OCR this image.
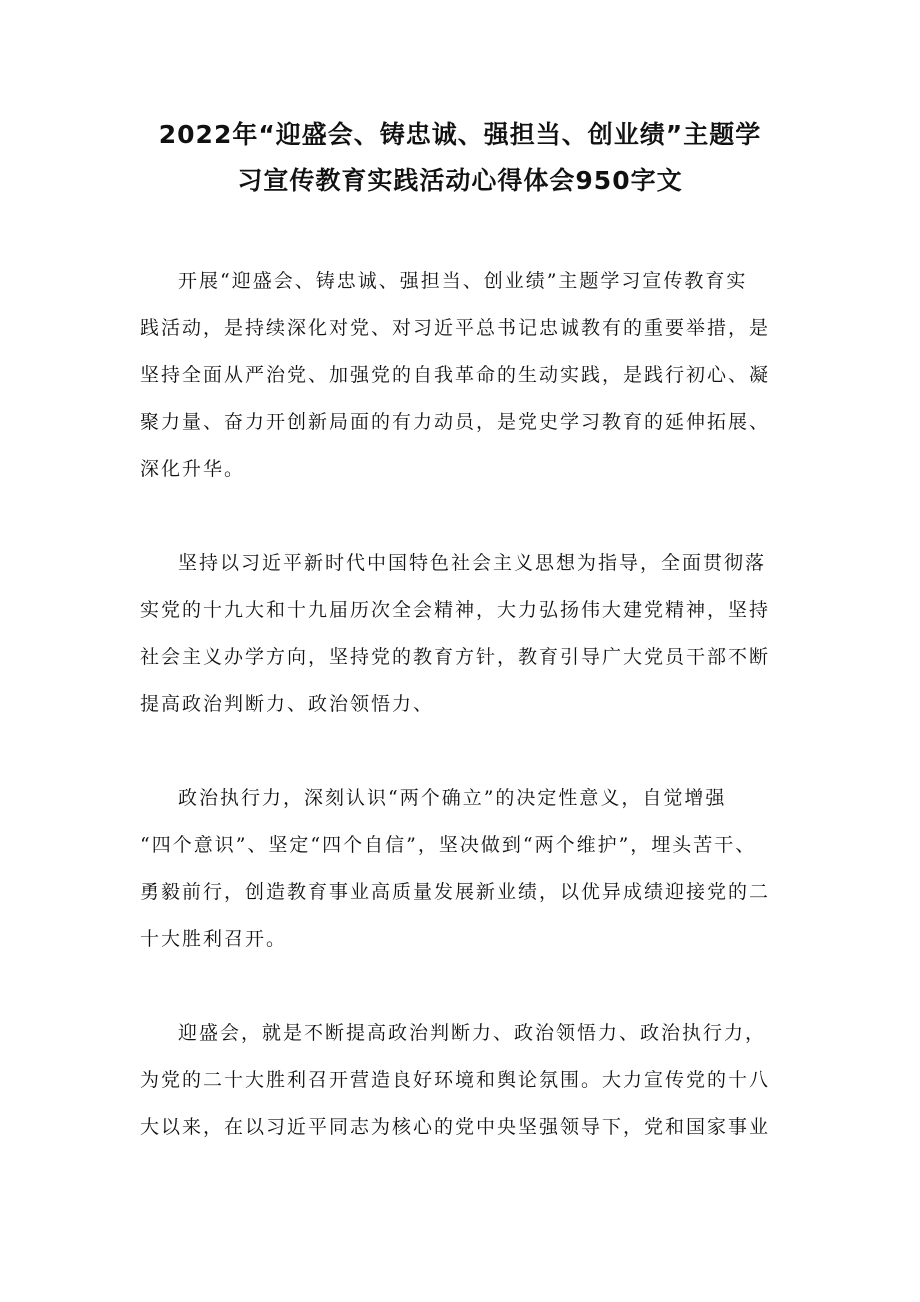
2022年“迎盛会、铸忠诚、强担当、创业绩”主题学
习宣传教育实践活动心得体会950字文

开展“迎盛会、铸忠诚、强担当、创业绩”主题学习宣传教育实
践活动，是持续深化对党、对习近平总书记忠诚教有的重要举措，是
坚持全面从严治党、加强党的自我革命的生动实践，是践行初心、凝
聚力量、奋力开创新局面的有力动员，是党史学习教育的延伸拓展、
深化升华。

坚持以习近平新时代中国特色社会主义思想为指导，全面贯彻落
实党的十九大和十九届历次全会精神，大力弘扬伟大建党精神，坚持
社会主义办学方向，坚持党的教育方针，教育引导广大党员干部不断
提高政治判断力、政治领悟力、

政治执行力，深刻认识“两个确立”的决定性意义，自觉增强
“四个意识”、坚定“四个自信”，坚决做到“两个维护”，埋头苦干、
勇毅前行，创造教育事业高质量发展新业绩，以优异成绩迎接党的二
十大胜利召开。

迎盛会，就是不断提高政治判断力、政治领悟力、政治执行力，
为党的二十大胜利召开营造良好环境和舆论氛围。大力宣传党的十八
大以来，在以习近平同志为核心的党中央坚强领导下，党和国家事业
